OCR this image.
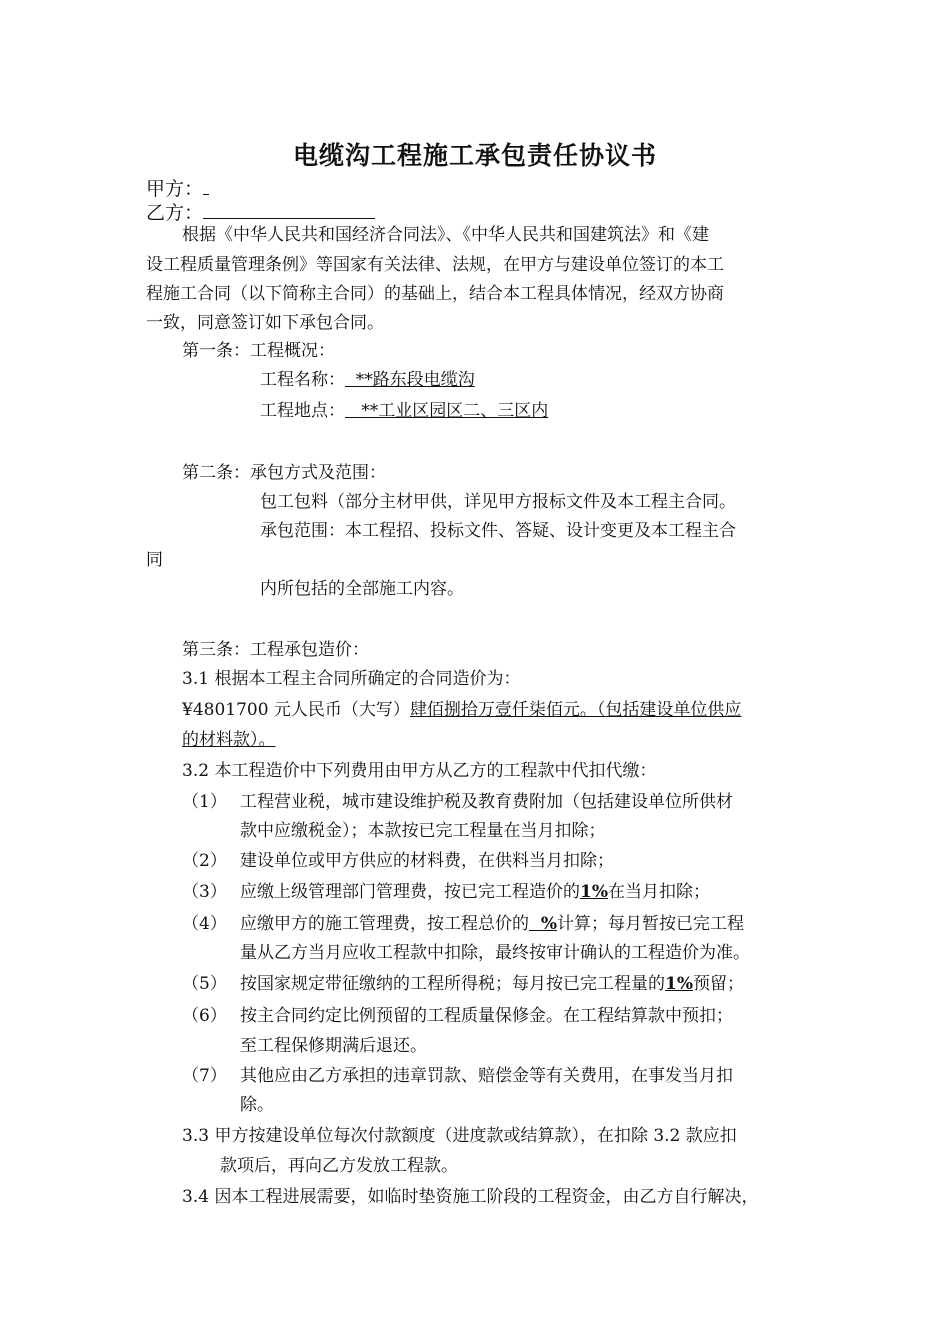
电缆沟工程施工承包责任协议书
甲方：
乙方：
根据《中华人民共和国经济合同法》、《中华人民共和国建筑法》和《建
设工程质量管理条例》等国家有关法律、法规，在甲方与建设单位签订的本工
程施工合同（以下简称主合同）的基础上，结合本工程具体情况，经双方协商
一致，同意签订如下承包合同。
第一条：工程概况：
工程名称：  **路东段电缆沟
工程地点：   **工业区园区二、三区内
第二条：承包方式及范围：
包工包料（部分主材甲供，详见甲方报标文件及本工程主合同。
承包范围：本工程招、投标文件、答疑、设计变更及本工程主合
同
内所包括的全部施工内容。
第三条：工程承包造价：
3.1 根据本工程主合同所确定的合同造价为：
¥4801700 元人民币（大写）肆佰捌拾万壹仟柒佰元。（包括建设单位供应
的材料款）。
3.2 本工程造价中下列费用由甲方从乙方的工程款中代扣代缴：
（1） 工程营业税，城市建设维护税及教育费附加（包括建设单位所供材
款中应缴税金）；本款按已完工程量在当月扣除；
（2） 建设单位或甲方供应的材料费，在供料当月扣除；
（3） 应缴上级管理部门管理费，按已完工程造价的1%在当月扣除；
（4） 应缴甲方的施工管理费，按工程总价的  %计算；每月暂按已完工程
量从乙方当月应收工程款中扣除，最终按审计确认的工程造价为准。
（5） 按国家规定带征缴纳的工程所得税；每月按已完工程量的1%预留；
（6） 按主合同约定比例预留的工程质量保修金。在工程结算款中预扣；
至工程保修期满后退还。
（7） 其他应由乙方承担的违章罚款、赔偿金等有关费用，在事发当月扣
除。
3.3 甲方按建设单位每次付款额度（进度款或结算款），在扣除 3.2 款应扣
款项后，再向乙方发放工程款。
3.4 因本工程进展需要，如临时垫资施工阶段的工程资金，由乙方自行解决，
